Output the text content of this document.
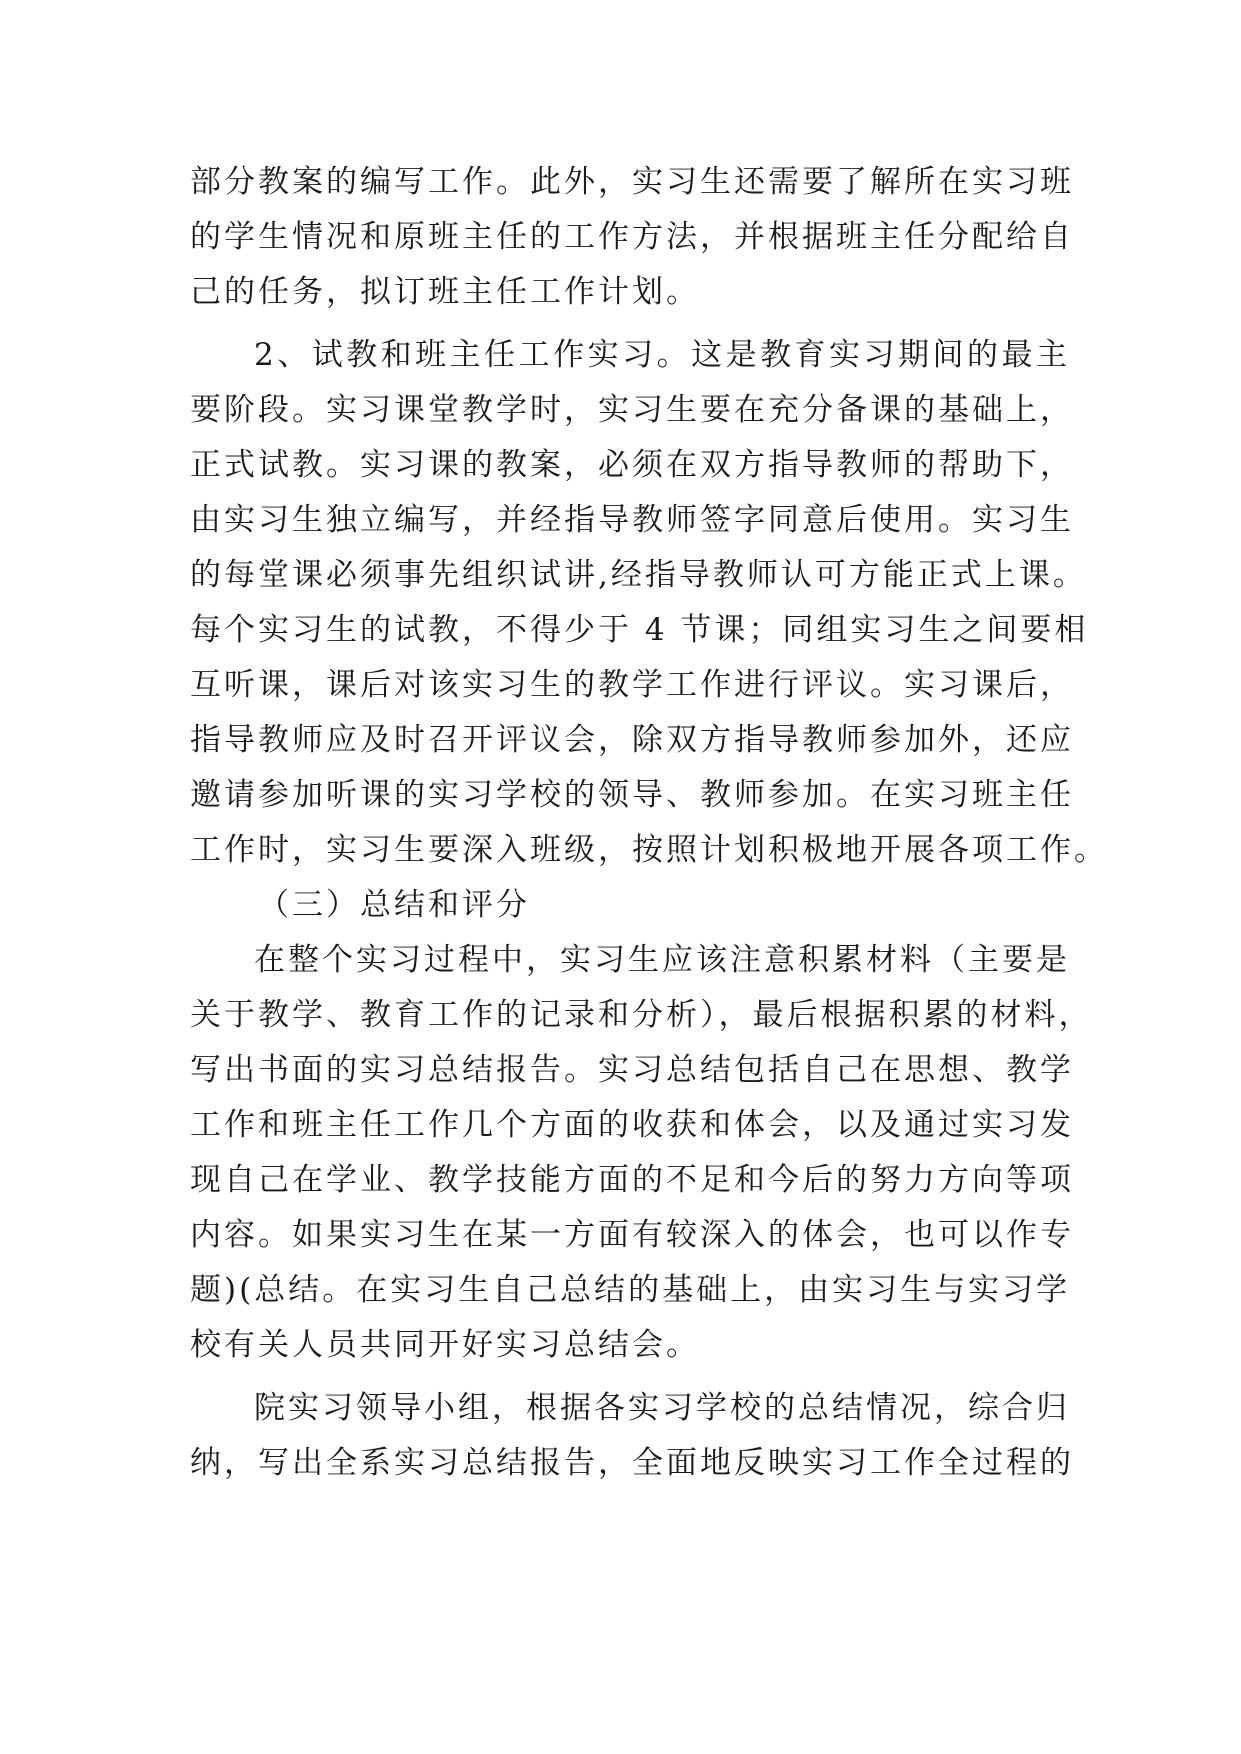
部分教案的编写工作。此外，实习生还需要了解所在实习班
的学生情况和原班主任的工作方法，并根据班主任分配给自
己的任务，拟订班主任工作计划。
2、试教和班主任工作实习。这是教育实习期间的最主
要阶段。实习课堂教学时，实习生要在充分备课的基础上，
正式试教。实习课的教案，必须在双方指导教师的帮助下，
由实习生独立编写，并经指导教师签字同意后使用。实习生
的每堂课必须事先组织试讲,经指导教师认可方能正式上课。
每个实习生的试教，不得少于 4 节课；同组实习生之间要相
互听课，课后对该实习生的教学工作进行评议。实习课后，
指导教师应及时召开评议会，除双方指导教师参加外，还应
邀请参加听课的实习学校的领导、教师参加。在实习班主任
工作时，实习生要深入班级，按照计划积极地开展各项工作。
（三）总结和评分
在整个实习过程中，实习生应该注意积累材料（主要是
关于教学、教育工作的记录和分析），最后根据积累的材料，
写出书面的实习总结报告。实习总结包括自己在思想、教学
工作和班主任工作几个方面的收获和体会，以及通过实习发
现自己在学业、教学技能方面的不足和今后的努力方向等项
内容。如果实习生在某一方面有较深入的体会，也可以作专
题)(总结。在实习生自己总结的基础上，由实习生与实习学
校有关人员共同开好实习总结会。
院实习领导小组，根据各实习学校的总结情况，综合归
纳，写出全系实习总结报告，全面地反映实习工作全过程的
